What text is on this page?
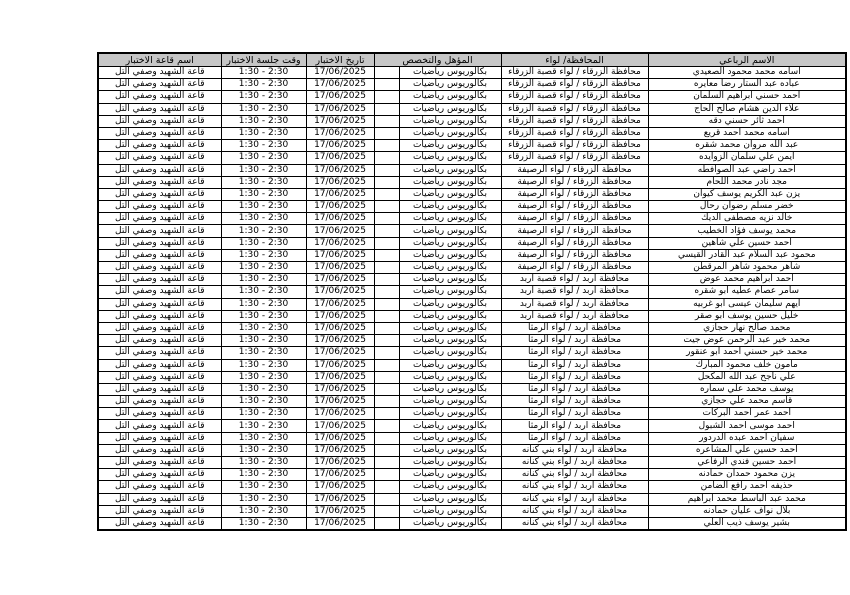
الاسم الرباعي	المحافظة/ لواء	المؤهل والتخصص		تاريخ الاختبار	وقت جلسة الاختبار	اسم قاعة الاختبار
اسامه محمد محمود الصعيدي	محافظة الزرقاء / لواء قصبة الزرقاء	بكالوريوس رياضيات		17/06/2025	1:30 - 2:30	قاعة الشهيد وصفي التل
عباده عبد الستار رضا معايره	محافظة الزرقاء / لواء قصبة الزرقاء	بكالوريوس رياضيات		17/06/2025	1:30 - 2:30	قاعة الشهيد وصفي التل
احمد حسني ابراهيم السلمان	محافظة الزرقاء / لواء قصبة الزرقاء	بكالوريوس رياضيات		17/06/2025	1:30 - 2:30	قاعة الشهيد وصفي التل
علاء الدين هشام صالح الحاج	محافظة الزرقاء / لواء قصبة الزرقاء	بكالوريوس رياضيات		17/06/2025	1:30 - 2:30	قاعة الشهيد وصفي التل
احمد ثائر حسني دقه	محافظة الزرقاء / لواء قصبة الزرقاء	بكالوريوس رياضيات		17/06/2025	1:30 - 2:30	قاعة الشهيد وصفي التل
اسامه محمد احمد قريع	محافظة الزرقاء / لواء قصبة الزرقاء	بكالوريوس رياضيات		17/06/2025	1:30 - 2:30	قاعة الشهيد وصفي التل
عبد الله مروان محمد شقره	محافظة الزرقاء / لواء قصبة الزرقاء	بكالوريوس رياضيات		17/06/2025	1:30 - 2:30	قاعة الشهيد وصفي التل
ايمن علي سلمان الزوايده	محافظة الزرقاء / لواء قصبة الزرقاء	بكالوريوس رياضيات		17/06/2025	1:30 - 2:30	قاعة الشهيد وصفي التل
احمد راضي عبد الصوافطه	محافظة الزرقاء / لواء الرصيفة	بكالوريوس رياضيات		17/06/2025	1:30 - 2:30	قاعة الشهيد وصفي التل
مجد نادر محمد اللحام	محافظة الزرقاء / لواء الرصيفة	بكالوريوس رياضيات		17/06/2025	1:30 - 2:30	قاعة الشهيد وصفي التل
يزن عبد الكريم يوسف كيوان	محافظة الزرقاء / لواء الرصيفة	بكالوريوس رياضيات		17/06/2025	1:30 - 2:30	قاعة الشهيد وصفي التل
خضر مسلم رضوان رحال	محافظة الزرقاء / لواء الرصيفة	بكالوريوس رياضيات		17/06/2025	1:30 - 2:30	قاعة الشهيد وصفي التل
خالد نزيه مصطفى الديك	محافظة الزرقاء / لواء الرصيفة	بكالوريوس رياضيات		17/06/2025	1:30 - 2:30	قاعة الشهيد وصفي التل
محمد يوسف فؤاد الخطيب	محافظة الزرقاء / لواء الرصيفة	بكالوريوس رياضيات		17/06/2025	1:30 - 2:30	قاعة الشهيد وصفي التل
احمد حسين علي شاهين	محافظة الزرقاء / لواء الرصيفة	بكالوريوس رياضيات		17/06/2025	1:30 - 2:30	قاعة الشهيد وصفي التل
محمود عبد السلام عبد القادر القيسي	محافظة الزرقاء / لواء الرصيفة	بكالوريوس رياضيات		17/06/2025	1:30 - 2:30	قاعة الشهيد وصفي التل
شاهر محمود شاهر المرقطن	محافظة الزرقاء / لواء الرصيفة	بكالوريوس رياضيات		17/06/2025	1:30 - 2:30	قاعة الشهيد وصفي التل
احمد ابراهيم محمد عوض	محافظة اربد / لواء قصبة اربد	بكالوريوس رياضيات		17/06/2025	1:30 - 2:30	قاعة الشهيد وصفي التل
سامر عصام عطيه ابو شقره	محافظة اربد / لواء قصبة اربد	بكالوريوس رياضيات		17/06/2025	1:30 - 2:30	قاعة الشهيد وصفي التل
ايهم سليمان عيسى ابو غربيه	محافظة اربد / لواء قصبة اربد	بكالوريوس رياضيات		17/06/2025	1:30 - 2:30	قاعة الشهيد وصفي التل
خليل حسين يوسف ابو صقر	محافظة اربد / لواء قصبة اربد	بكالوريوس رياضيات		17/06/2025	1:30 - 2:30	قاعة الشهيد وصفي التل
محمد صالح نهار حجازي	محافظة اربد / لواء الرمثا	بكالوريوس رياضيات		17/06/2025	1:30 - 2:30	قاعة الشهيد وصفي التل
محمد خير عبد الرحمن عوض جيت	محافظة اربد / لواء الرمثا	بكالوريوس رياضيات		17/06/2025	1:30 - 2:30	قاعة الشهيد وصفي التل
محمد خير حسني احمد ابو عنقور	محافظة اربد / لواء الرمثا	بكالوريوس رياضيات		17/06/2025	1:30 - 2:30	قاعة الشهيد وصفي التل
مأمون خلف محمود المبارك	محافظة اربد / لواء الرمثا	بكالوريوس رياضيات		17/06/2025	1:30 - 2:30	قاعة الشهيد وصفي التل
علي ناجح عبد الله المكحل	محافظة اربد / لواء الرمثا	بكالوريوس رياضيات		17/06/2025	1:30 - 2:30	قاعة الشهيد وصفي التل
يوسف محمد علي سماره	محافظة اربد / لواء الرمثا	بكالوريوس رياضيات		17/06/2025	1:30 - 2:30	قاعة الشهيد وصفي التل
قاسم محمد علي حجازي	محافظة اربد / لواء الرمثا	بكالوريوس رياضيات		17/06/2025	1:30 - 2:30	قاعة الشهيد وصفي التل
احمد عمر احمد البركات	محافظة اربد / لواء الرمثا	بكالوريوس رياضيات		17/06/2025	1:30 - 2:30	قاعة الشهيد وصفي التل
احمد موسى احمد الشبول	محافظة اربد / لواء الرمثا	بكالوريوس رياضيات		17/06/2025	1:30 - 2:30	قاعة الشهيد وصفي التل
سفيان احمد عبده الدردور	محافظة اربد / لواء الرمثا	بكالوريوس رياضيات		17/06/2025	1:30 - 2:30	قاعة الشهيد وصفي التل
احمد حسين علي المشاعره	محافظة اربد / لواء بني كنانه	بكالوريوس رياضيات		17/06/2025	1:30 - 2:30	قاعة الشهيد وصفي التل
احمد حسين فندي الرفاعي	محافظة اربد / لواء بني كنانه	بكالوريوس رياضيات		17/06/2025	1:30 - 2:30	قاعة الشهيد وصفي التل
يزن محمود حمدان حمادنه	محافظة اربد / لواء بني كنانه	بكالوريوس رياضيات		17/06/2025	1:30 - 2:30	قاعة الشهيد وصفي التل
حذيفه احمد رافع الضامن	محافظة اربد / لواء بني كنانه	بكالوريوس رياضيات		17/06/2025	1:30 - 2:30	قاعة الشهيد وصفي التل
محمد عبد الباسط محمد ابراهيم	محافظة اربد / لواء بني كنانه	بكالوريوس رياضيات		17/06/2025	1:30 - 2:30	قاعة الشهيد وصفي التل
بلال نواف عليان حمادنه	محافظة اربد / لواء بني كنانه	بكالوريوس رياضيات		17/06/2025	1:30 - 2:30	قاعة الشهيد وصفي التل
بشير يوسف ذيب العلي	محافظة اربد / لواء بني كنانه	بكالوريوس رياضيات		17/06/2025	1:30 - 2:30	قاعة الشهيد وصفي التل
